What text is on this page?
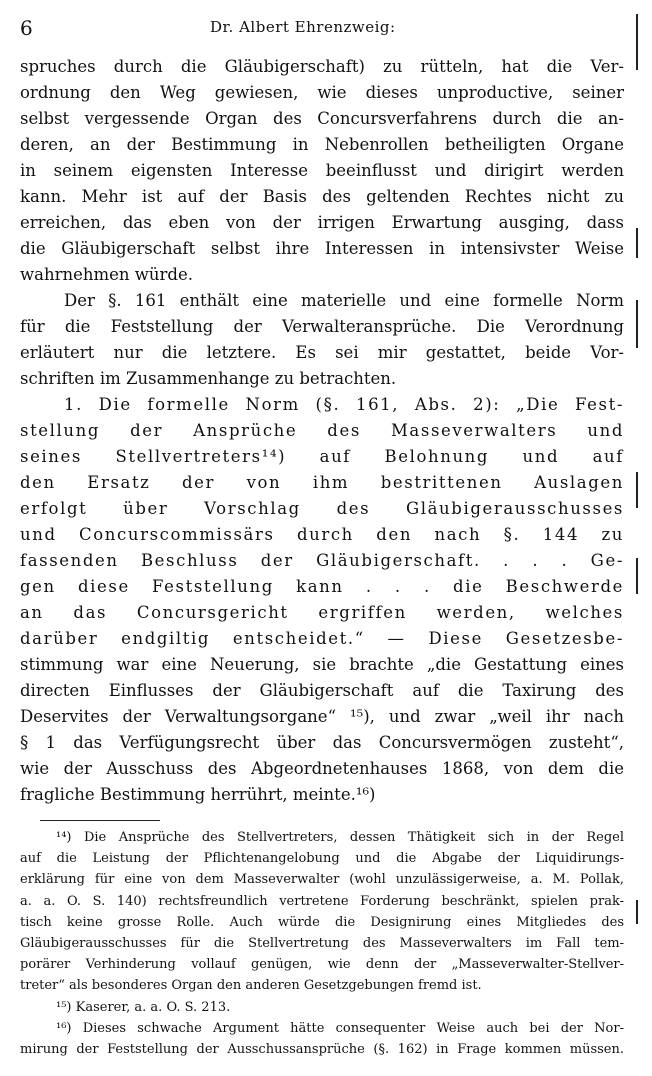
6	Dr. Albert Ehrenzweig:
spruches durch die Gläubigerschaft) zu rütteln, hat die Ver-
ordnung den Weg gewiesen, wie dieses unproductive, seiner
selbst vergessende Organ des Concursverfahrens durch die an-
deren, an der Bestimmung in Nebenrollen betheiligten Organe
in seinem eigensten Interesse beeinflusst und dirigirt werden
kann. Mehr ist auf der Basis des geltenden Rechtes nicht zu
erreichen, das eben von der irrigen Erwartung ausging, dass
die Gläubigerschaft selbst ihre Interessen in intensivster Weise
wahrnehmen würde.
Der §. 161 enthält eine materielle und eine formelle Norm
für die Feststellung der Verwalteransprüche. Die Verordnung
erläutert nur die letztere. Es sei mir gestattet, beide Vor-
schriften im Zusammenhange zu betrachten.
1. Die formelle Norm (§. 161, Abs. 2): „Die Fest-
stellung der Ansprüche des Masseverwalters und
seines Stellvertreters¹⁴) auf Belohnung und auf
den Ersatz der von ihm bestrittenen Auslagen
erfolgt über Vorschlag des Gläubigerausschusses
und Concurscommissärs durch den nach §. 144 zu
fassenden Beschluss der Gläubigerschaft. . . . Ge-
gen diese Feststellung kann . . . die Beschwerde
an das Concursgericht ergriffen werden, welches
darüber endgiltig entscheidet.“ — Diese Gesetzesbe-
stimmung war eine Neuerung, sie brachte „die Gestattung eines
directen Einflusses der Gläubigerschaft auf die Taxirung des
Deservites der Verwaltungsorgane“ ¹⁵), und zwar „weil ihr nach
§ 1 das Verfügungsrecht über das Concursvermögen zusteht“,
wie der Ausschuss des Abgeordnetenhauses 1868, von dem die
fragliche Bestimmung herrührt, meinte.¹⁶)
¹⁴) Die Ansprüche des Stellvertreters, dessen Thätigkeit sich in der Regel
auf die Leistung der Pflichtenangelobung und die Abgabe der Liquidirungs-
erklärung für eine von dem Masseverwalter (wohl unzulässigerweise, a. M. Pollak,
a. a. O. S. 140) rechtsfreundlich vertretene Forderung beschränkt, spielen prak-
tisch keine grosse Rolle. Auch würde die Designirung eines Mitgliedes des
Gläubigerausschusses für die Stellvertretung des Masseverwalters im Fall tem-
porärer Verhinderung vollauf genügen, wie denn der „Masseverwalter-Stellver-
treter“ als besonderes Organ den anderen Gesetzgebungen fremd ist.
¹⁵) Kaserer, a. a. O. S. 213.
¹⁶) Dieses schwache Argument hätte consequenter Weise auch bei der Nor-
mirung der Feststellung der Ausschussansprüche (§. 162) in Frage kommen müssen.
